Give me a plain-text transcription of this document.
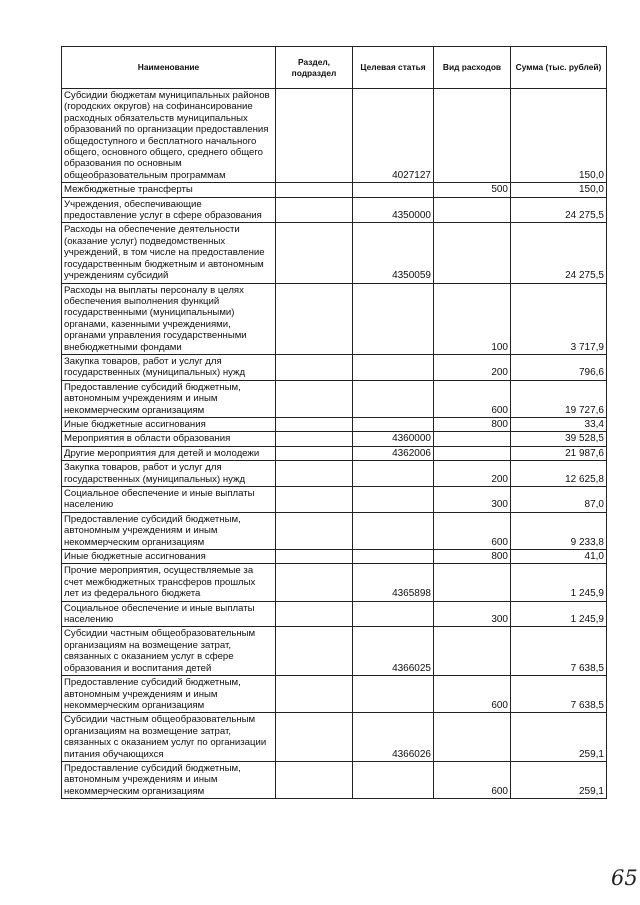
Наименование	Раздел, подраздел	Целевая статья	Вид расходов	Сумма (тыс. рублей)
Субсидии бюджетам муниципальных районов (городских округов) на софинансирование расходных обязательств муниципальных образований по организации предоставления общедоступного и бесплатного начального общего, основного общего, среднего общего образования по основным общеобразовательным программам		4027127		150,0
Межбюджетные трансферты			500	150,0
Учреждения, обеспечивающие предоставление услуг в сфере образования		4350000		24 275,5
Расходы на обеспечение деятельности (оказание услуг) подведомственных учреждений, в том числе на предоставление государственным бюджетным и автономным учреждениям субсидий		4350059		24 275,5
Расходы на выплаты персоналу в целях обеспечения выполнения функций государственными (муниципальными) органами, казенными учреждениями, органами управления государственными внебюджетными фондами			100	3 717,9
Закупка товаров, работ и услуг для государственных (муниципальных) нужд			200	796,6
Предоставление субсидий бюджетным, автономным учреждениям и иным некоммерческим организациям			600	19 727,6
Иные бюджетные ассигнования			800	33,4
Мероприятия в области образования		4360000		39 528,5
Другие мероприятия для детей и молодежи		4362006		21 987,6
Закупка товаров, работ и услуг для государственных (муниципальных) нужд			200	12 625,8
Социальное обеспечение и иные выплаты населению			300	87,0
Предоставление субсидий бюджетным, автономным учреждениям и иным некоммерческим организациям			600	9 233,8
Иные бюджетные ассигнования			800	41,0
Прочие мероприятия, осуществляемые за счет межбюджетных трансферов прошлых лет из федерального бюджета		4365898		1 245,9
Социальное обеспечение и иные выплаты населению			300	1 245,9
Субсидии частным общеобразовательным организациям на возмещение затрат, связанных с оказанием услуг в сфере образования и воспитания детей		4366025		7 638,5
Предоставление субсидий бюджетным, автономным учреждениям и иным некоммерческим организациям			600	7 638,5
Субсидии частным общеобразовательным организациям на возмещение затрат, связанных с оказанием услуг по организации питания обучающихся		4366026		259,1
Предоставление субсидий бюджетным, автономным учреждениям и иным некоммерческим организациям			600	259,1
65
